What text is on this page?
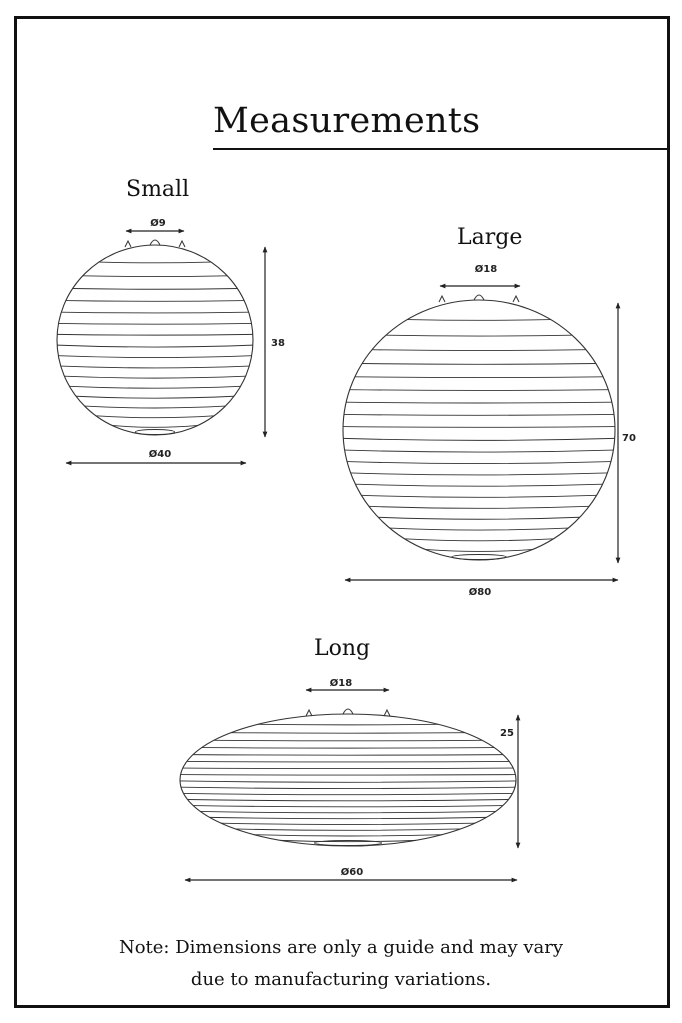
Measurements
Small
Large
Long
Ø9
38
Ø40
Ø18
70
Ø80
Ø18
25
Ø60
Note: Dimensions are only a guide and may vary
due to manufacturing variations.
